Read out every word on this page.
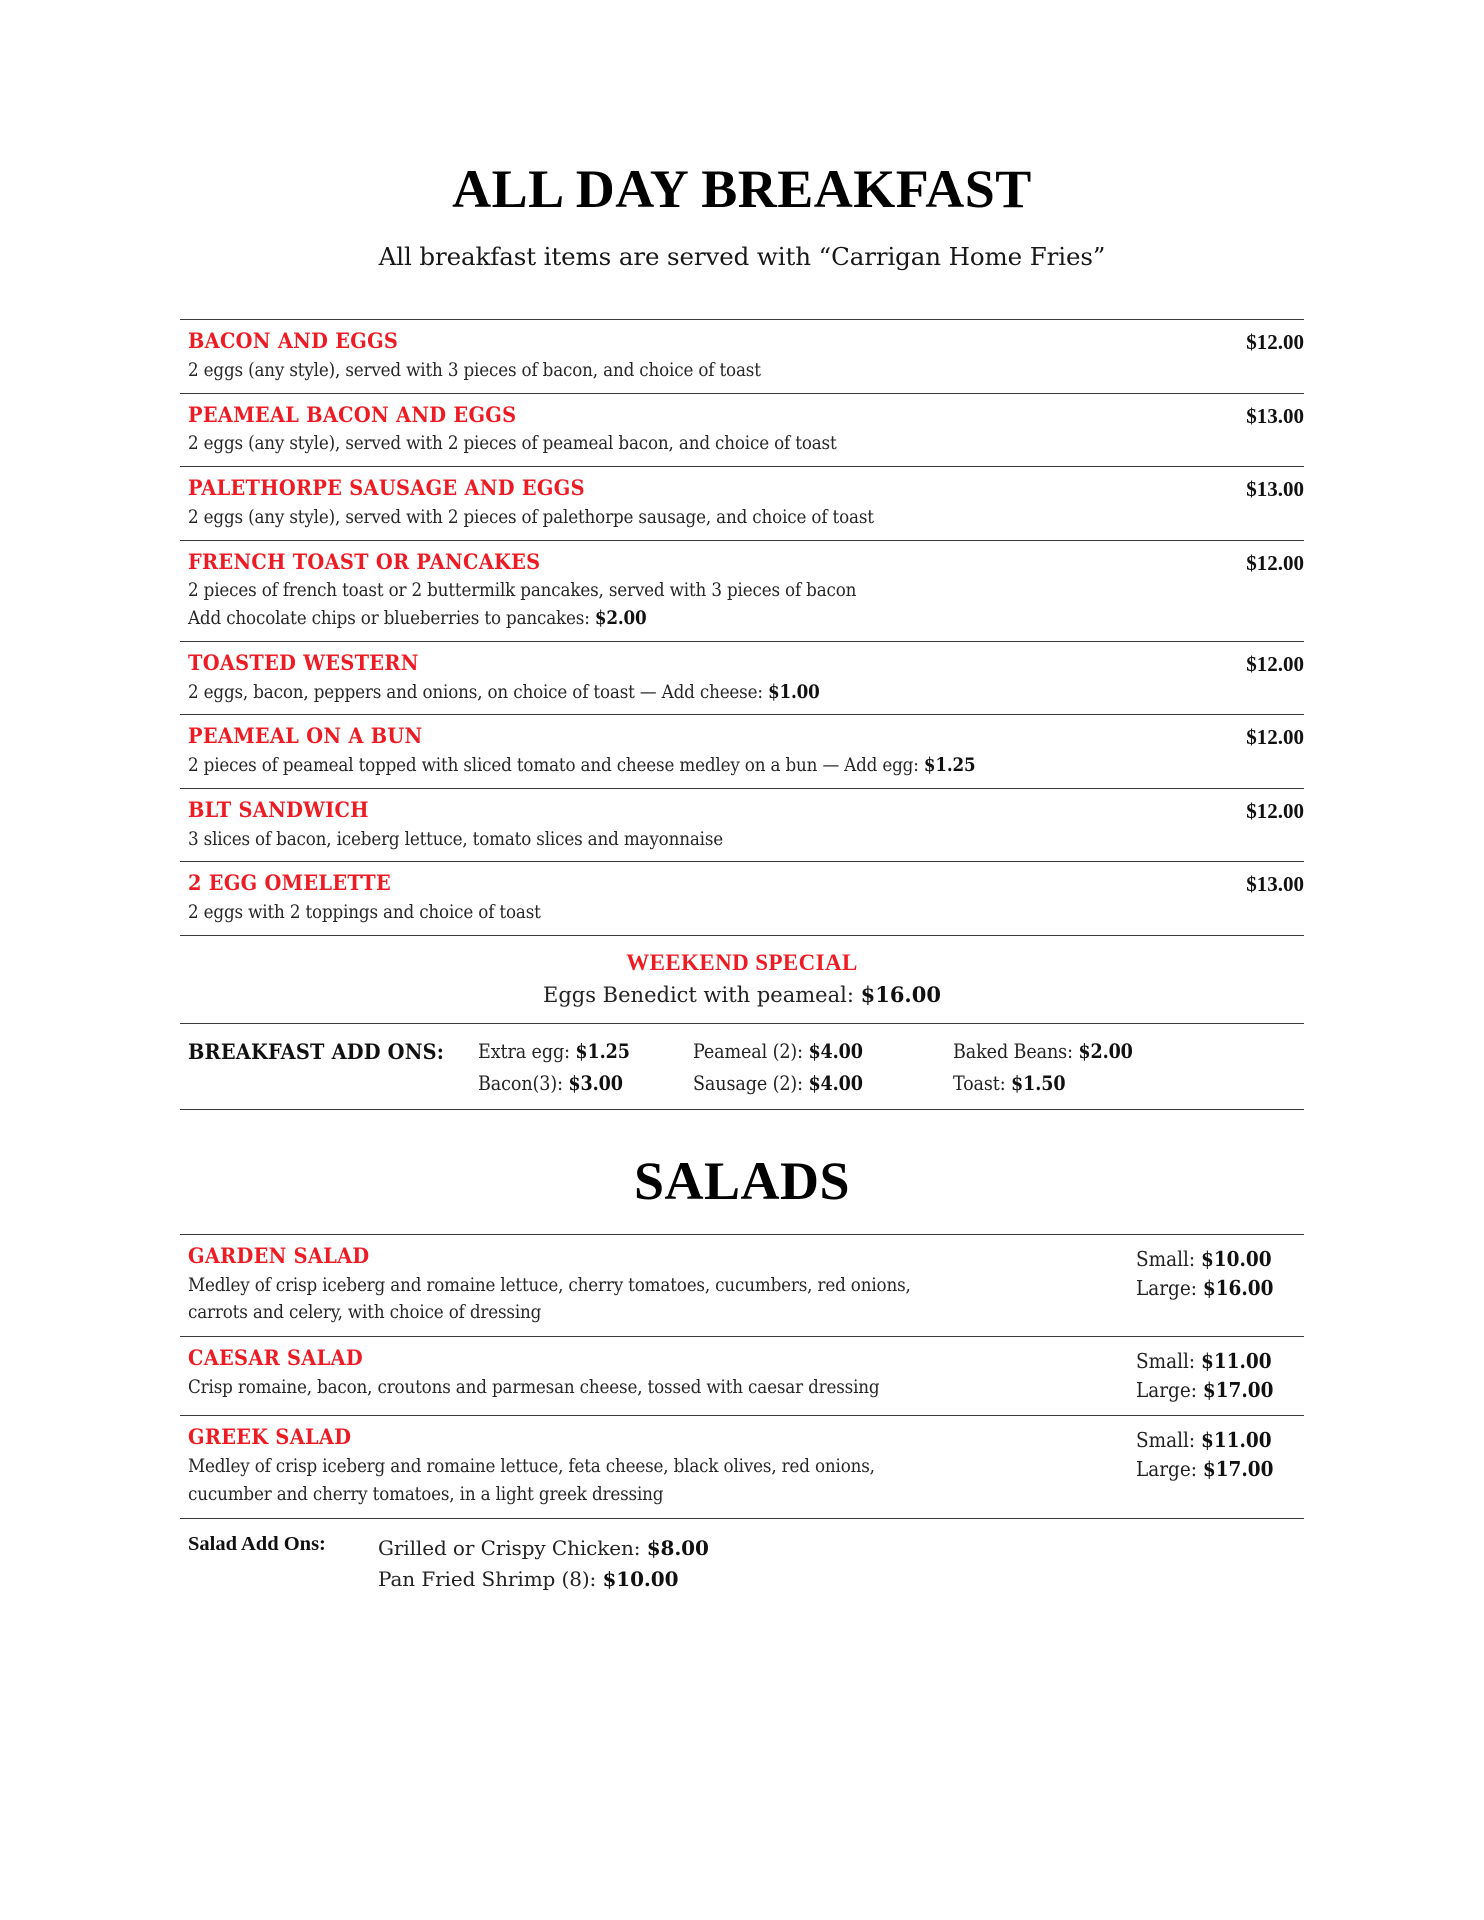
ALL DAY BREAKFAST
All breakfast items are served with “Carrigan Home Fries”
BACON AND EGGS
2 eggs (any style), served with 3 pieces of bacon, and choice of toast
$12.00
PEAMEAL BACON AND EGGS
2 eggs (any style), served with 2 pieces of peameal bacon, and choice of toast
$13.00
PALETHORPE SAUSAGE AND EGGS
2 eggs (any style), served with 2 pieces of palethorpe sausage, and choice of toast
$13.00
FRENCH TOAST OR PANCAKES
2 pieces of french toast or 2 buttermilk pancakes, served with 3 pieces of bacon
Add chocolate chips or blueberries to pancakes: $2.00
$12.00
TOASTED WESTERN
2 eggs, bacon, peppers and onions, on choice of toast — Add cheese: $1.00
$12.00
PEAMEAL ON A BUN
2 pieces of peameal topped with sliced tomato and cheese medley on a bun — Add egg: $1.25
$12.00
BLT SANDWICH
3 slices of bacon, iceberg lettuce, tomato slices and mayonnaise
$12.00
2 EGG OMELETTE
2 eggs with 2 toppings and choice of toast
$13.00
WEEKEND SPECIAL
Eggs Benedict with peameal: $16.00
BREAKFAST ADD ONS:	Extra egg: $1.25	Peameal (2): $4.00	Baked Beans: $2.00
Bacon(3): $3.00	Sausage (2): $4.00	Toast: $1.50
SALADS
GARDEN SALAD
Medley of crisp iceberg and romaine lettuce, cherry tomatoes, cucumbers, red onions,
carrots and celery, with choice of dressing
Small: $10.00
Large: $16.00
CAESAR SALAD
Crisp romaine, bacon, croutons and parmesan cheese, tossed with caesar dressing
Small: $11.00
Large: $17.00
GREEK SALAD
Medley of crisp iceberg and romaine lettuce, feta cheese, black olives, red onions,
cucumber and cherry tomatoes, in a light greek dressing
Small: $11.00
Large: $17.00
Salad Add Ons:	Grilled or Crispy Chicken: $8.00
Pan Fried Shrimp (8): $10.00
